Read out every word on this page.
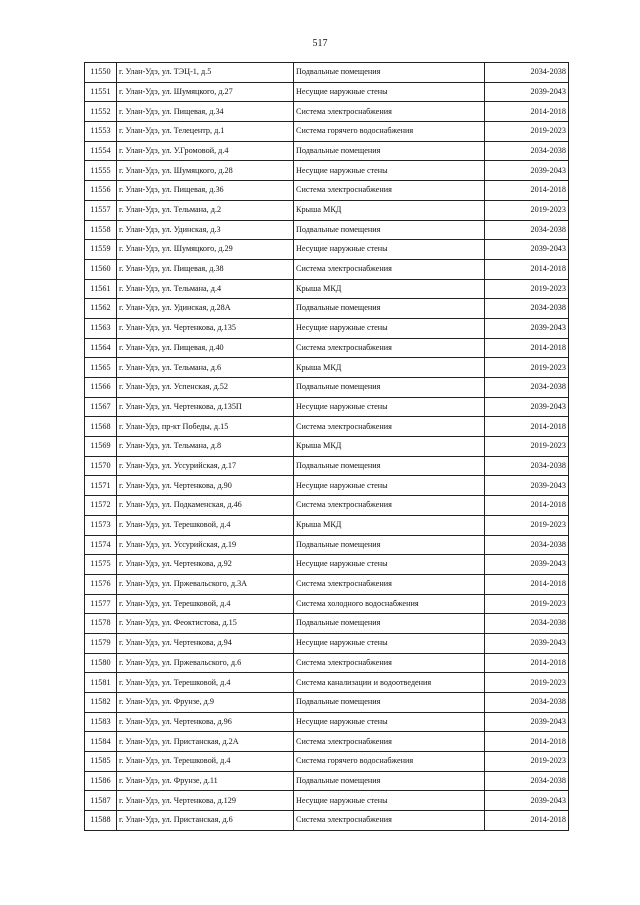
517
11550	г. Улан-Удэ, ул. ТЭЦ-1, д.5	Подвальные помещения	2034-2038
11551	г. Улан-Удэ, ул. Шумяцкого, д.27	Несущие наружные стены	2039-2043
11552	г. Улан-Удэ, ул. Пищевая, д.34	Система электроснабжения	2014-2018
11553	г. Улан-Удэ, ул. Телецентр, д.1	Система горячего водоснабжения	2019-2023
11554	г. Улан-Удэ, ул. У.Громовой, д.4	Подвальные помещения	2034-2038
11555	г. Улан-Удэ, ул. Шумяцкого, д.28	Несущие наружные стены	2039-2043
11556	г. Улан-Удэ, ул. Пищевая, д.36	Система электроснабжения	2014-2018
11557	г. Улан-Удэ, ул. Тельмана, д.2	Крыша МКД	2019-2023
11558	г. Улан-Удэ, ул. Удинская, д.3	Подвальные помещения	2034-2038
11559	г. Улан-Удэ, ул. Шумяцкого, д.29	Несущие наружные стены	2039-2043
11560	г. Улан-Удэ, ул. Пищевая, д.38	Система электроснабжения	2014-2018
11561	г. Улан-Удэ, ул. Тельмана, д.4	Крыша МКД	2019-2023
11562	г. Улан-Удэ, ул. Удинская, д.28А	Подвальные помещения	2034-2038
11563	г. Улан-Удэ, ул. Чертенкова, д.135	Несущие наружные стены	2039-2043
11564	г. Улан-Удэ, ул. Пищевая, д.40	Система электроснабжения	2014-2018
11565	г. Улан-Удэ, ул. Тельмана, д.6	Крыша МКД	2019-2023
11566	г. Улан-Удэ, ул. Успенская, д.52	Подвальные помещения	2034-2038
11567	г. Улан-Удэ, ул. Чертенкова, д.135П	Несущие наружные стены	2039-2043
11568	г. Улан-Удэ, пр-кт Победы, д.15	Система электроснабжения	2014-2018
11569	г. Улан-Удэ, ул. Тельмана, д.8	Крыша МКД	2019-2023
11570	г. Улан-Удэ, ул. Уссурийская, д.17	Подвальные помещения	2034-2038
11571	г. Улан-Удэ, ул. Чертенкова, д.90	Несущие наружные стены	2039-2043
11572	г. Улан-Удэ, ул. Подкаменская, д.46	Система электроснабжения	2014-2018
11573	г. Улан-Удэ, ул. Терешковой, д.4	Крыша МКД	2019-2023
11574	г. Улан-Удэ, ул. Уссурийская, д.19	Подвальные помещения	2034-2038
11575	г. Улан-Удэ, ул. Чертенкова, д.92	Несущие наружные стены	2039-2043
11576	г. Улан-Удэ, ул. Пржевальского, д.3А	Система электроснабжения	2014-2018
11577	г. Улан-Удэ, ул. Терешковой, д.4	Система холодного водоснабжения	2019-2023
11578	г. Улан-Удэ, ул. Феоктистова, д.15	Подвальные помещения	2034-2038
11579	г. Улан-Удэ, ул. Чертенкова, д.94	Несущие наружные стены	2039-2043
11580	г. Улан-Удэ, ул. Пржевальского, д.6	Система электроснабжения	2014-2018
11581	г. Улан-Удэ, ул. Терешковой, д.4	Система канализации и водоотведения	2019-2023
11582	г. Улан-Удэ, ул. Фрунзе, д.9	Подвальные помещения	2034-2038
11583	г. Улан-Удэ, ул. Чертенкова, д.96	Несущие наружные стены	2039-2043
11584	г. Улан-Удэ, ул. Пристанская, д.2А	Система электроснабжения	2014-2018
11585	г. Улан-Удэ, ул. Терешковой, д.4	Система горячего водоснабжения	2019-2023
11586	г. Улан-Удэ, ул. Фрунзе, д.11	Подвальные помещения	2034-2038
11587	г. Улан-Удэ, ул. Чертенкова, д.129	Несущие наружные стены	2039-2043
11588	г. Улан-Удэ, ул. Пристанская, д.6	Система электроснабжения	2014-2018
